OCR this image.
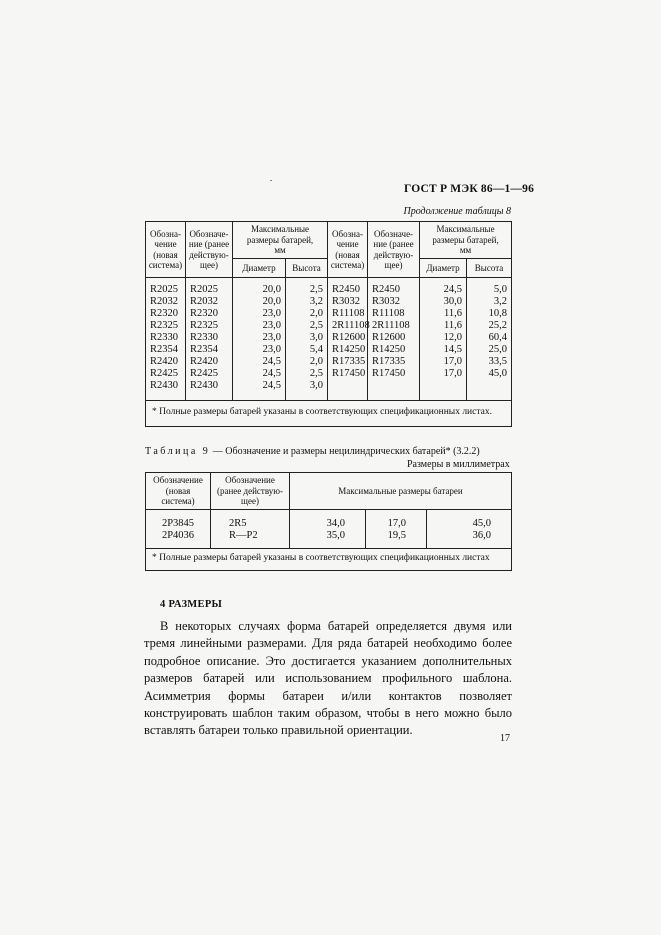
ГОСТ Р МЭК 86—1—96
Продолжение таблицы 8
Обозна-
чение
(новая
система)	Обозначе-
ние (ранее
действую-
щее)	Максимальные
размеры батарей,
мм		Обозна-
чение
(новая
система)	Обозначе-
ние (ранее
действую-
щее)	Максимальные
размеры батарей,
мм	
		Диаметр	Высота			Диаметр	Высота

R2025	R2025	20,0	2,5	R2450	R2450	24,5	5,0
R2032	R2032	20,0	3,2	R3032	R3032	30,0	3,2
R2320	R2320	23,0	2,0	R11108	R11108	11,6	10,8
R2325	R2325	23,0	2,5	2R11108	2R11108	11,6	25,2
R2330	R2330	23,0	3,0	R12600	R12600	12,0	60,4
R2354	R2354	23,0	5,4	R14250	R14250	14,5	25,0
R2420	R2420	24,5	2,0	R17335	R17335	17,0	33,5
R2425	R2425	24,5	2,5	R17450	R17450	17,0	45,0
R2430	R2430	24,5	3,0				
* Полные размеры батарей указаны в соответствующих спецификационных листах.							
Таблица 9 — Обозначение и размеры нецилиндрических батарей* (3.2.2)
Размеры в миллиметрах
Обозначение
(новая
система)	Обозначение
(ранее действую-
щее)	Максимальные размеры батареи		

2P3845	2R5	34,0	17,0	45,0
2P4036	R—P2	35,0	19,5	36,0
* Полные размеры батарей указаны в соответствующих спецификационных листах				
4 РАЗМЕРЫ
В некоторых случаях форма батарей определяется двумя или тремя линейными размерами. Для ряда батарей необходимо более подробное описание. Это достигается указанием дополнительных размеров батарей или использованием профильного шаблона. Асимметрия формы батареи и/или контактов позволяет конструировать шаблон таким образом, чтобы в него можно было вставлять батареи только правильной ориентации.
17
